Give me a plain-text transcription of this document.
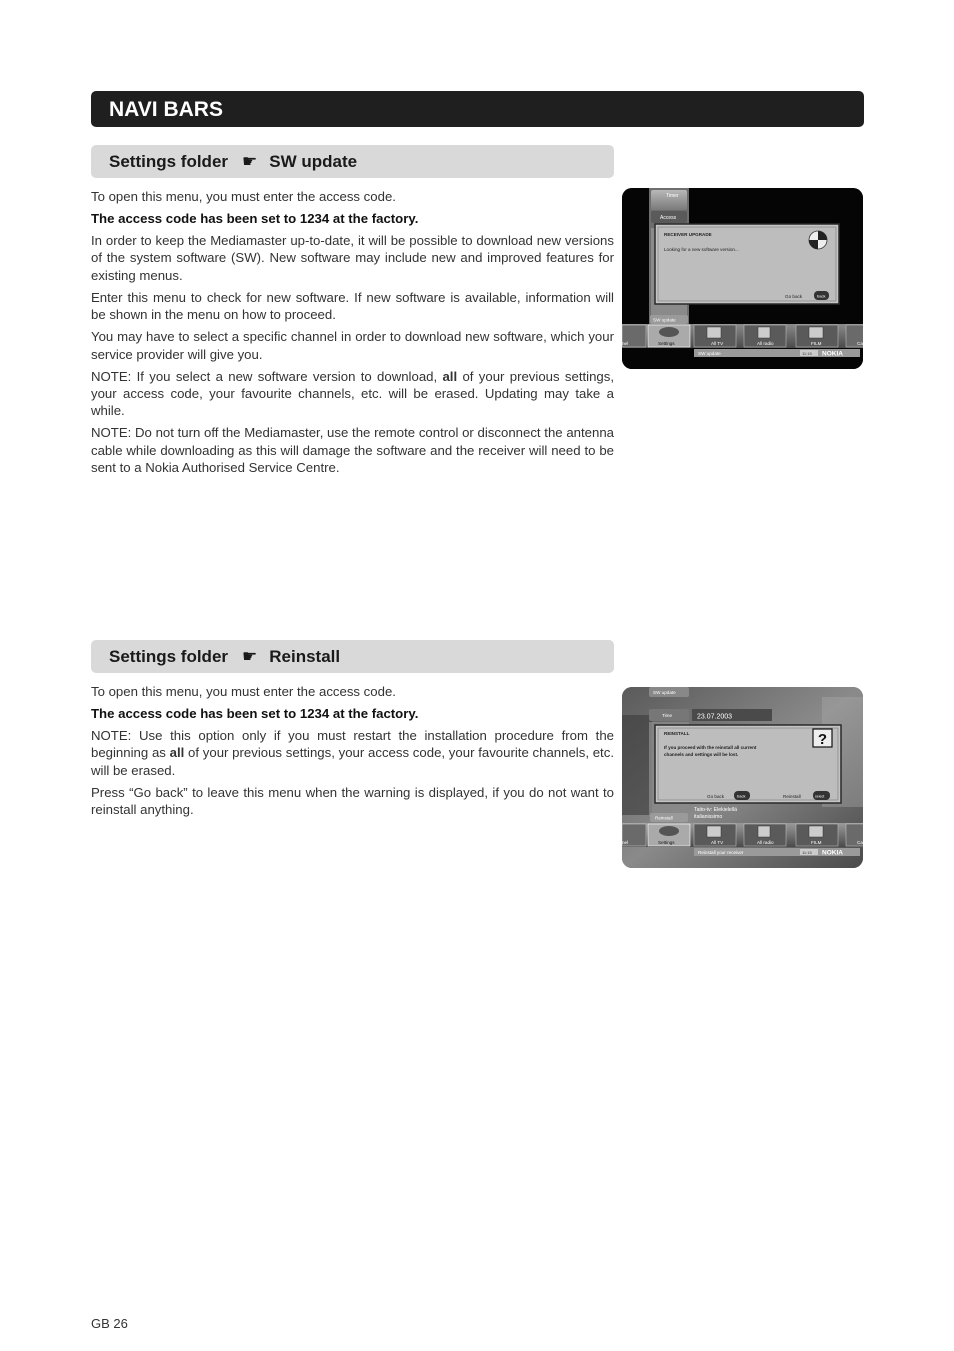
NAVI BARS
Settings folder ☛ SW update

To open this menu, you must enter the access code.

The access code has been set to 1234 at the factory.

In order to keep the Mediamaster up-to-date, it will be possible to download new versions of the system software (SW). New software may include new and improved features for existing menus.

Enter this menu to check for new software. If new software is available, information will be shown in the menu on how to proceed.

You may have to select a specific channel in order to download new software, which your service provider will give you.

NOTE: If you select a new software version to download, all of your previous settings, your access code, your favourite channels, etc. will be erased. Updating may take a while.

NOTE: Do not turn off the Mediamaster, use the remote control or disconnect the antenna cable while downloading as this will damage the software and the receiver will need to be sent to a Nokia Authorised Service Centre.

Timer
Access
RECEIVER UPGRADE
Looking for a new software version...
Go back	back
SW update
nel	Settings	All TV	All radio	FILM	Ca
SW update	11:15 NOKIA
Settings folder ☛ Reinstall

To open this menu, you must enter the access code.

The access code has been set to 1234 at the factory.

NOTE: Use this option only if you must restart the installation procedure from the beginning as all of your previous settings, your access code, your favourite channels, etc. will be erased.

Press “Go back” to leave this menu when the warning is displayed, if you do not want to reinstall anything.

SW update
Time	23.07.2003
REINSTALL
If you proceed with the reinstall all current
channels and settings will be lost.
?
Go back	back	Reinstall	select
Taito-tv: Elekielellä
italianissimo
Reinstall
nel	Settings	All TV	All radio	FILM	Ca
Reinstall your receiver	11:15 NOKIA
GB 26
